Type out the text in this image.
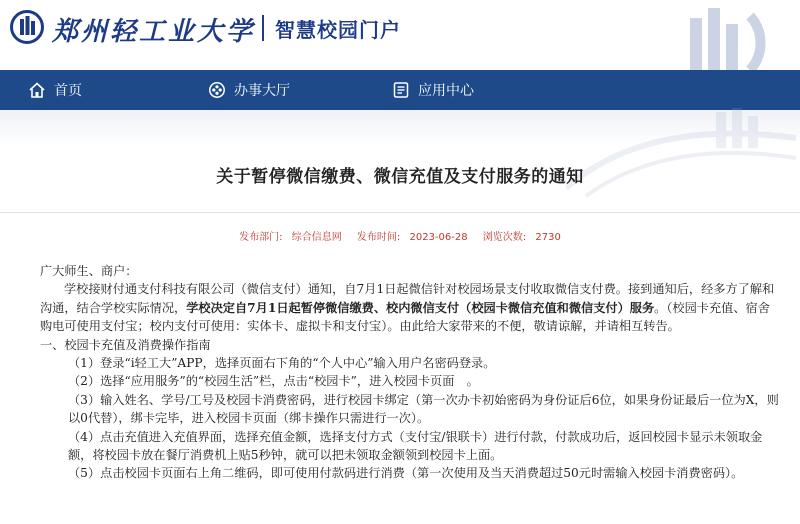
郑州轻工业大学 智慧校园门户
首页	办事大厅	应用中心
关于暂停微信缴费、微信充值及支付服务的通知
发布部门: 综合信息网 发布时间: 2023-06-28 浏览次数: 2730

广大师生、商户：

学校接财付通支付科技有限公司（微信支付）通知，自7月1日起微信针对校园场景支付收取微信支付费。接到通知后，经多方了解和沟通，结合学校实际情况，学校决定自7月1日起暂停微信缴费、校内微信支付（校园卡微信充值和微信支付）服务。（校园卡充值、宿舍购电可使用支付宝；校内支付可使用：实体卡、虚拟卡和支付宝）。由此给大家带来的不便，敬请谅解，并请相互转告。

一、校园卡充值及消费操作指南

（1）登录“i轻工大”APP，选择页面右下角的“个人中心”输入用户名密码登录。

（2）选择“应用服务”的“校园生活”栏，点击“校园卡”，进入校园卡页面　。

（3）输入姓名、学号/工号及校园卡消费密码，进行校园卡绑定（第一次办卡初始密码为身份证后6位，如果身份证最后一位为X，则以0代替），绑卡完毕，进入校园卡页面（绑卡操作只需进行一次）。

（4）点击充值进入充值界面，选择充值金额，选择支付方式（支付宝/银联卡）进行付款，付款成功后，返回校园卡显示未领取金额，将校园卡放在餐厅消费机上贴5秒钟，就可以把未领取金额领到校园卡上面。

（5）点击校园卡页面右上角二维码，即可使用付款码进行消费（第一次使用及当天消费超过50元时需输入校园卡消费密码）。
